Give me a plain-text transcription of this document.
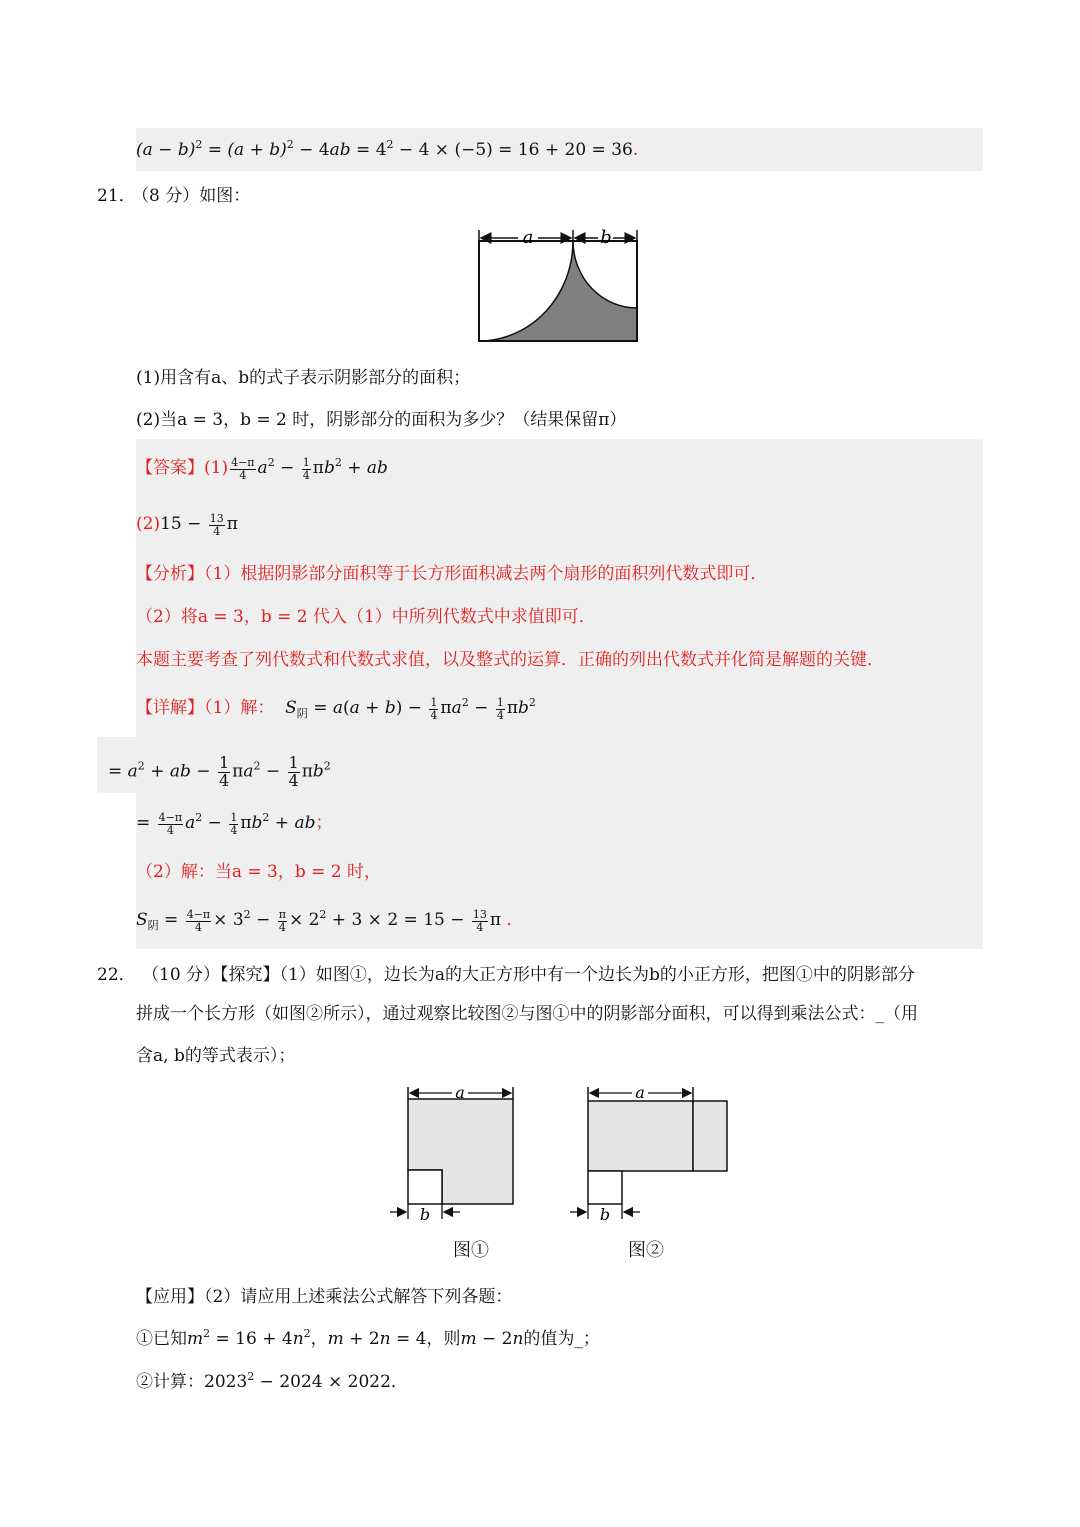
$(a - b)^2 = (a + b)^2 - 4ab = 4^2 - 4 \times (-5) = 16 + 20 = 36$.
21．
（8 分）如图：
a	b
(1)用含有a、b的式子表示阴影部分的面积；
(2)当a = 3，b = 2 时，阴影部分的面积为多少？（结果保留π）
【答案】$(1) \frac{4-\pi}{4} a^2 - \frac{1}{4} \pi b^2$ + ab
$(2)15 - \frac{13}{4}$ π
【分析】（1）根据阴影部分面积等于长方形面积减去两个扇形的面积列代数式即可．
（2）将a = 3，b = 2 代入（1）中所列代数式中求值即可．
本题主要考查了列代数式和代数式求值，以及整式的运算．正确的列出代数式并化简是解题的关键．
【详解】（1）解： $S_阴 = a(a + b) - \frac{1}{4} \pi a^2 - \frac{1}{4} \pi b^2$
= $a^2$ + ab − $\frac{1}{4} \pi a^2 - \frac{1}{4} \pi b^2$
= $\frac{4-\pi}{4} a^2 - \frac{1}{4} \pi b^2$ + ab；
（2）解：当a = 3，b = 2 时，
$S_阴 = \frac{4-\pi}{4} \times 3^2 - \frac{\pi}{4} \times 2^2 + 3 \times 2 = 15 - \frac{13}{4}$ π ．
22． （10 分）【探究】（1）如图①，边长为a的大正方形中有一个边长为b的小正方形，把图①中的阴影部分
拼成一个长方形（如图②所示），通过观察比较图②与图①中的阴影部分面积，可以得到乘法公式：_（用
含a, b的等式表示）；
a
b
图①
a
b
图②
【应用】（2）请应用上述乘法公式解答下列各题：
①已知$m^2 = 16 + 4n^2$，m + 2n = 4，则m − 2n的值为_；
②计算：$2023^2 - 2024 \times 2022$．
